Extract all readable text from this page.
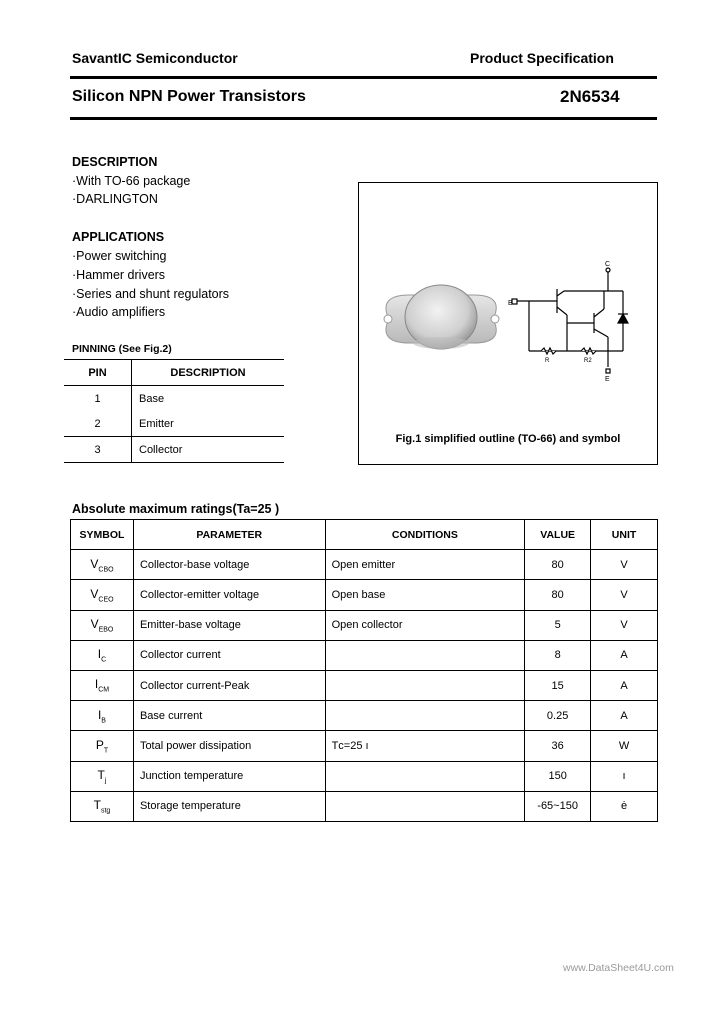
SavantIC Semiconductor	Product Specification
Silicon NPN Power Transistors	2N6534
DESCRIPTION
·With TO-66 package
·DARLINGTON
APPLICATIONS
·Power switching
·Hammer drivers
·Series and shunt regulators
·Audio amplifiers
PINNING (See Fig.2)
PIN	DESCRIPTION
1	Base
2	Emitter
3	Collector
C
B
E
R	R2
Fig.1 simplified outline (TO-66) and symbol
Absolute maximum ratings(Ta=25 )
SYMBOL	PARAMETER	CONDITIONS	VALUE	UNIT
$V_{CBO}$	Collector-base voltage	Open emitter	80	V
$V_{CEO}$	Collector-emitter voltage	Open base	80	V
$V_{EBO}$	Emitter-base voltage	Open collector	5	V
$I_C$	Collector current		8	A
$I_{CM}$	Collector current-Peak		15	A
$I_B$	Base current		0.25	A
$P_T$	Total power dissipation	Tᴄ=25 ı	36	W
$T_j$	Junction temperature		150	ı
$T_{stg}$	Storage temperature		-65~150	ė
www.DataSheet4U.com
